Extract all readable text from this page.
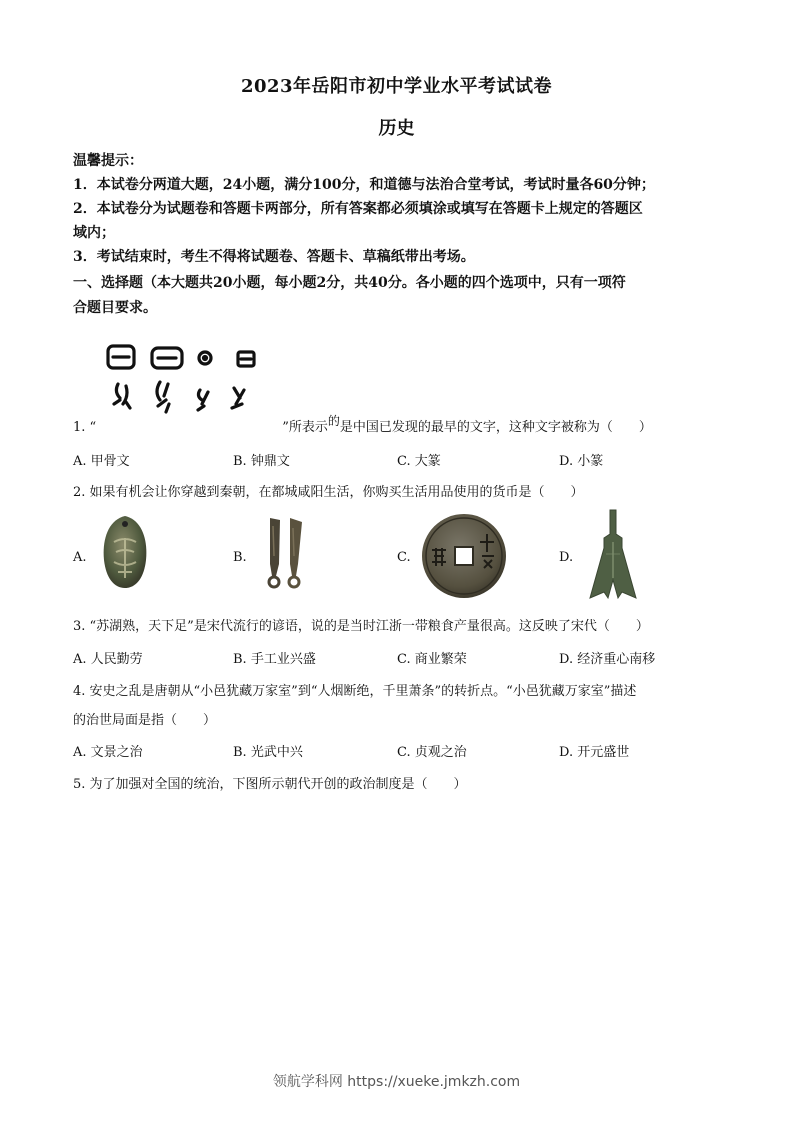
2023年岳阳市初中学业水平考试试卷
历史
温馨提示：
1．本试卷分两道大题，24小题，满分100分，和道德与法治合堂考试，考试时量各60分钟；
2．本试卷分为试题卷和答题卡两部分，所有答案都必须填涂或填写在答题卡上规定的答题区
域内；
3．考试结束时，考生不得将试题卷、答题卡、草稿纸带出考场。
一、选择题（本大题共20小题，每小题2分，共40分。各小题的四个选项中，只有一项符
合题目要求。
1. “	”所表示的是中国已发现的最早的文字，这种文字被称为（　　）
A. 甲骨文	B. 钟鼎文	C. 大篆	D. 小篆
2. 如果有机会让你穿越到秦朝，在都城咸阳生活，你购买生活用品使用的货币是（　　）
A.	B.	C.	D.
3. “苏湖熟，天下足”是宋代流行的谚语，说的是当时江浙一带粮食产量很高。这反映了宋代（　　）
A. 人民勤劳	B. 手工业兴盛	C. 商业繁荣	D. 经济重心南移
4. 安史之乱是唐朝从“小邑犹藏万家室”到“人烟断绝，千里萧条”的转折点。“小邑犹藏万家室”描述
的治世局面是指（　　）
A. 文景之治	B. 光武中兴	C. 贞观之治	D. 开元盛世
5. 为了加强对全国的统治，下图所示朝代开创的政治制度是（　　）
领航学科网 https://xueke.jmkzh.com
